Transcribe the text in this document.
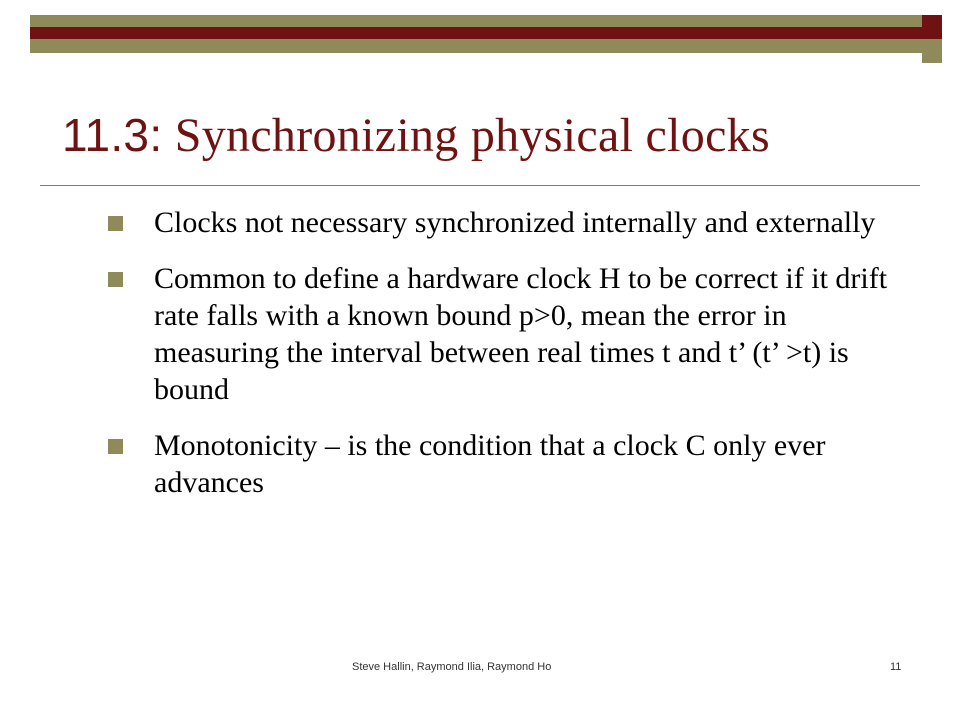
11.3: Synchronizing physical clocks
Clocks not necessary synchronized internally and externally
Common to define a hardware clock H to be correct if it drift rate falls with a known bound p>0, mean the error in measuring the interval between real times t and t’ (t’ >t) is bound
Monotonicity – is the condition that a clock C only ever advances
Steve Hallin, Raymond Ilia, Raymond Ho	11
